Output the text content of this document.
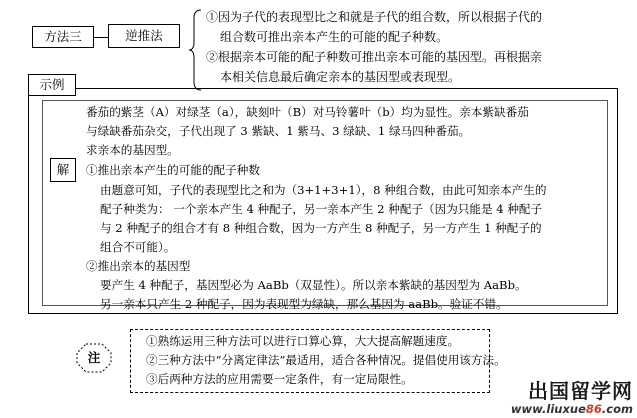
方法三	逆推法
①因为子代的表现型比之和就是子代的组合数，所以根据子代的
组合数可推出亲本产生的可能的配子种数。
②根据亲本可能的配子种数可推出亲本可能的基因型。再根据亲
本相关信息最后确定亲本的基因型或表现型。
示例
番茄的紫茎（A）对绿茎（a），缺刻叶（B）对马铃薯叶（b）均为显性。亲本紫缺番茄
与绿缺番茄杂交，子代出现了 3 紫缺、1 紫马、3 绿缺、1 绿马四种番茄。
求亲本的基因型。
解	①推出亲本产生的可能的配子种数
由题意可知，子代的表现型比之和为（3+1+3+1），8 种组合数，由此可知亲本产生的
配子种类为： 一个亲本产生 4 种配子，另一亲本产生 2 种配子（因为只能是 4 种配子
与 2 种配子的组合才有 8 种组合数，因为一方产生 8 种配子，另一方产生 1 种配子的
组合不可能）。
②推出亲本的基因型
要产生 4 种配子，基因型必为 AaBb（双显性）。所以亲本紫缺的基因型为 AaBb。
另一亲本只产生 2 种配子，因为表现型为绿缺，那么基因为 aaBb。验证不错。
注
①熟练运用三种方法可以进行口算心算，大大提高解题速度。
②三种方法中“分离定律法”最适用，适合各种情况。提倡使用该方法。
③后两种方法的应用需要一定条件，有一定局限性。	出国留学网
www.liuxue86.com
